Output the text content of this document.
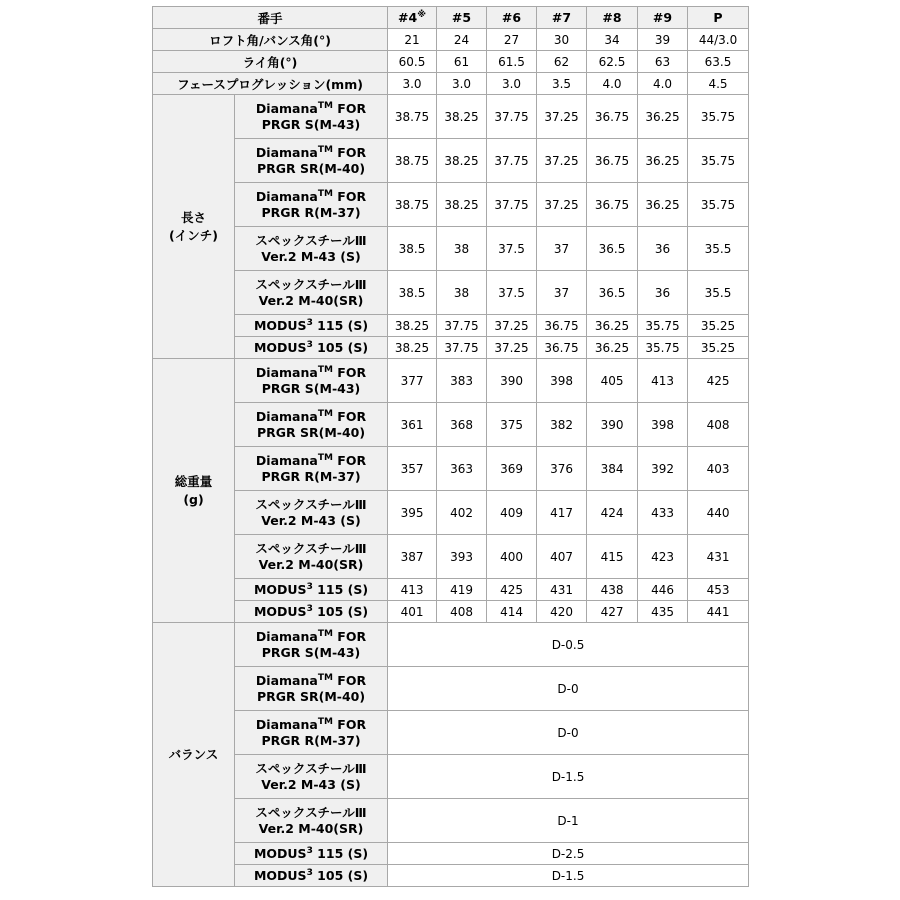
番手		#4※	#5	#6	#7	#8	#9	P
ロフト角/バンス角(°)		21	24	27	30	34	39	44/3.0
ライ角(°)		60.5	61	61.5	62	62.5	63	63.5
フェースプログレッション(mm)		3.0	3.0	3.0	3.5	4.0	4.0	4.5

長さ
(インチ)	Diamana™ FOR
PRGR S(M-43)	38.75	38.25	37.75	37.25	36.75	36.25	35.75

	Diamana™ FOR
PRGR SR(M-40)	38.75	38.25	37.75	37.25	36.75	36.25	35.75

	Diamana™ FOR
PRGR R(M-37)	38.75	38.25	37.75	37.25	36.75	36.25	35.75

	スペックスチールⅢ
Ver.2 M-43 (S)	38.5	38	37.5	37	36.5	36	35.5

	スペックスチールⅢ
Ver.2 M-40(SR)	38.5	38	37.5	37	36.5	36	35.5

	MODUS$^3$ 115 (S)	38.25	37.75	37.25	36.75	36.25	35.75	35.25

	MODUS$^3$ 105 (S)	38.25	37.75	37.25	36.75	36.25	35.75	35.25

総重量
(g)	Diamana™ FOR
PRGR S(M-43)	377	383	390	398	405	413	425

	Diamana™ FOR
PRGR SR(M-40)	361	368	375	382	390	398	408

	Diamana™ FOR
PRGR R(M-37)	357	363	369	376	384	392	403

	スペックスチールⅢ
Ver.2 M-43 (S)	395	402	409	417	424	433	440

	スペックスチールⅢ
Ver.2 M-40(SR)	387	393	400	407	415	423	431

	MODUS$^3$ 115 (S)	413	419	425	431	438	446	453

	MODUS$^3$ 105 (S)	401	408	414	420	427	435	441
バランス	Diamana™ FOR
PRGR S(M-43)	D-0.5						

	Diamana™ FOR
PRGR SR(M-40)	D-0						

	Diamana™ FOR
PRGR R(M-37)	D-0						

	スペックスチールⅢ
Ver.2 M-43 (S)	D-1.5						

	スペックスチールⅢ
Ver.2 M-40(SR)	D-1						

	MODUS$^3$ 115 (S)	D-2.5						

	MODUS$^3$ 105 (S)	D-1.5						
